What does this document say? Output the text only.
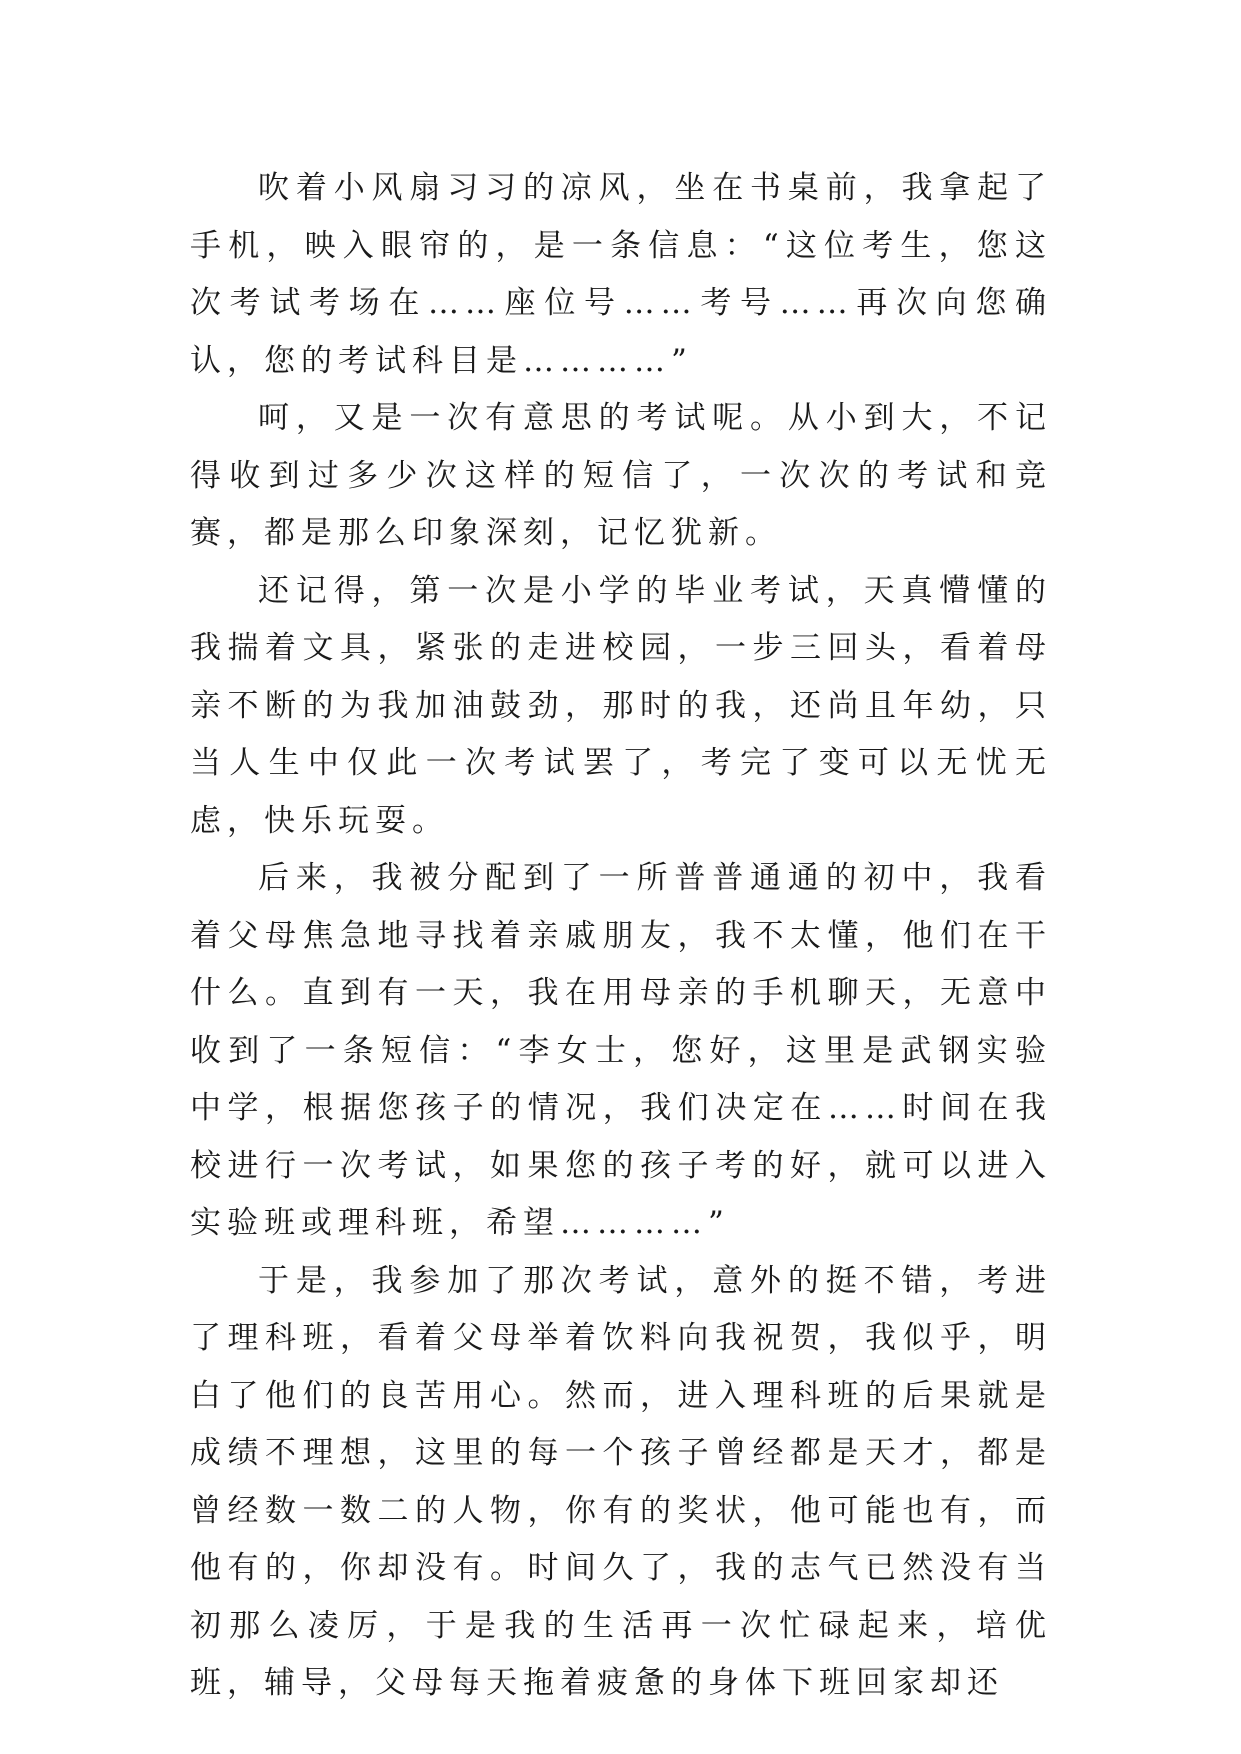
吹着小风扇习习的凉风，坐在书桌前，我拿起了手机，映入眼帘的，是一条信息：“这位考生，您这次考试考场在……座位号……考号……再次向您确认，您的考试科目是…………”

呵，又是一次有意思的考试呢。从小到大，不记得收到过多少次这样的短信了，一次次的考试和竞赛，都是那么印象深刻，记忆犹新。

还记得，第一次是小学的毕业考试，天真懵懂的我揣着文具，紧张的走进校园，一步三回头，看着母亲不断的为我加油鼓劲，那时的我，还尚且年幼，只当人生中仅此一次考试罢了，考完了变可以无忧无虑，快乐玩耍。

后来，我被分配到了一所普普通通的初中，我看着父母焦急地寻找着亲戚朋友，我不太懂，他们在干什么。直到有一天，我在用母亲的手机聊天，无意中收到了一条短信：“李女士，您好，这里是武钢实验中学，根据您孩子的情况，我们决定在……时间在我校进行一次考试，如果您的孩子考的好，就可以进入实验班或理科班，希望…………”

于是，我参加了那次考试，意外的挺不错，考进了理科班，看着父母举着饮料向我祝贺，我似乎，明白了他们的良苦用心。然而，进入理科班的后果就是成绩不理想，这里的每一个孩子曾经都是天才，都是曾经数一数二的人物，你有的奖状，他可能也有，而他有的，你却没有。时间久了，我的志气已然没有当初那么凌厉，于是我的生活再一次忙碌起来，培优班，辅导，父母每天拖着疲惫的身体下班回家却还
